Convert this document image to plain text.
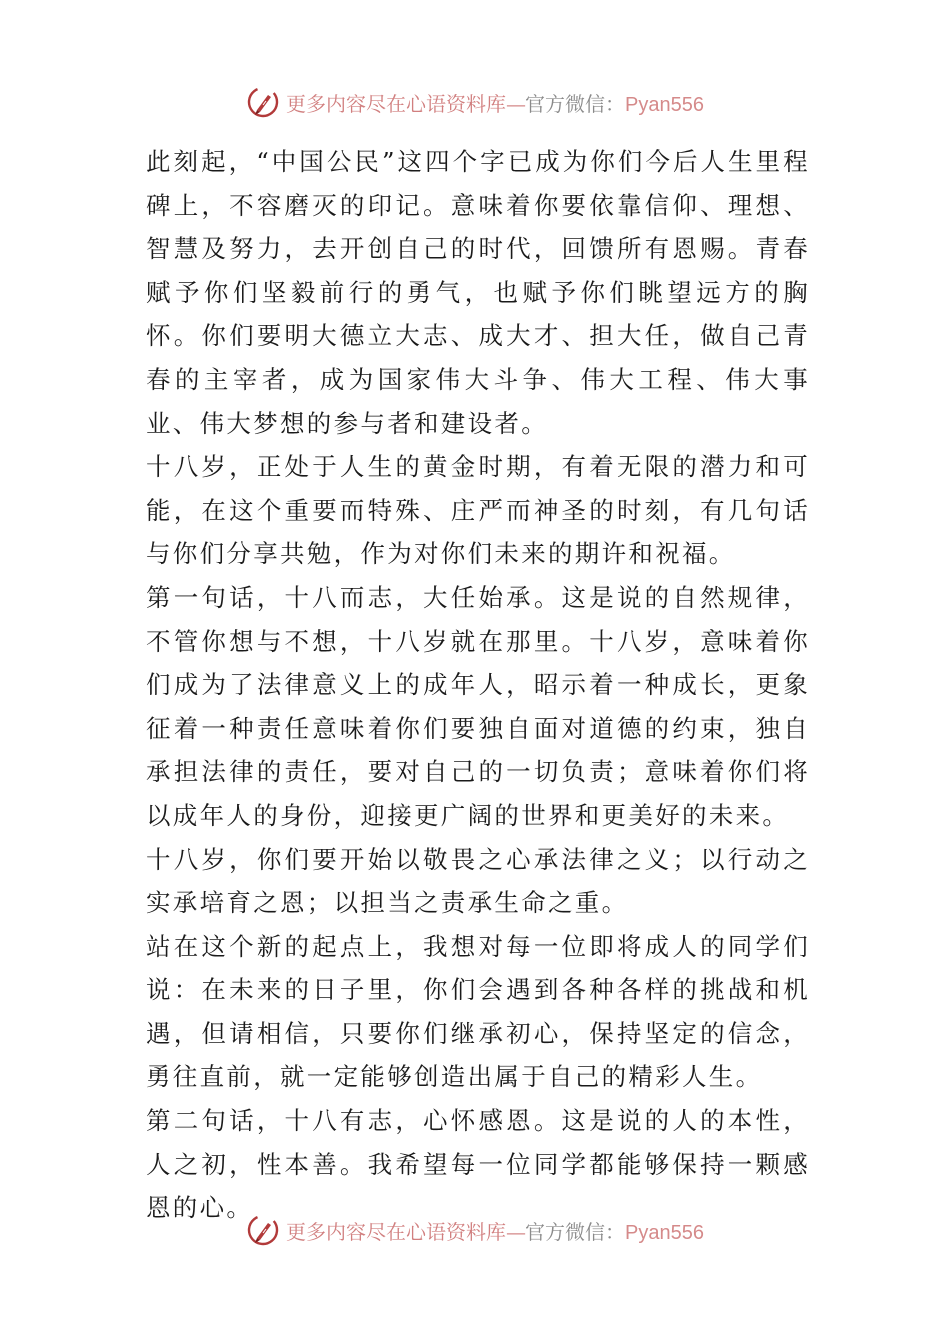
更多内容尽在心语资料库—官方微信：Pyan556

此刻起，“中国公民”这四个字已成为你们今后人生里程碑上，不容磨灭的印记。意味着你要依靠信仰、理想、智慧及努力，去开创自己的时代，回馈所有恩赐。青春赋予你们坚毅前行的勇气，也赋予你们眺望远方的胸怀。你们要明大德立大志、成大才、担大任，做自己青春的主宰者，成为国家伟大斗争、伟大工程、伟大事业、伟大梦想的参与者和建设者。

十八岁，正处于人生的黄金时期，有着无限的潜力和可能，在这个重要而特殊、庄严而神圣的时刻，有几句话与你们分享共勉，作为对你们未来的期许和祝福。

第一句话，十八而志，大任始承。这是说的自然规律，不管你想与不想，十八岁就在那里。十八岁，意味着你们成为了法律意义上的成年人，昭示着一种成长，更象征着一种责任意味着你们要独自面对道德的约束，独自承担法律的责任，要对自己的一切负责；意味着你们将以成年人的身份，迎接更广阔的世界和更美好的未来。

十八岁，你们要开始以敬畏之心承法律之义；以行动之实承培育之恩；以担当之责承生命之重。

站在这个新的起点上，我想对每一位即将成人的同学们说：在未来的日子里，你们会遇到各种各样的挑战和机遇，但请相信，只要你们继承初心，保持坚定的信念，勇往直前，就一定能够创造出属于自己的精彩人生。

第二句话，十八有志，心怀感恩。这是说的人的本性，人之初，性本善。我希望每一位同学都能够保持一颗感恩的心。

更多内容尽在心语资料库—官方微信：Pyan556
